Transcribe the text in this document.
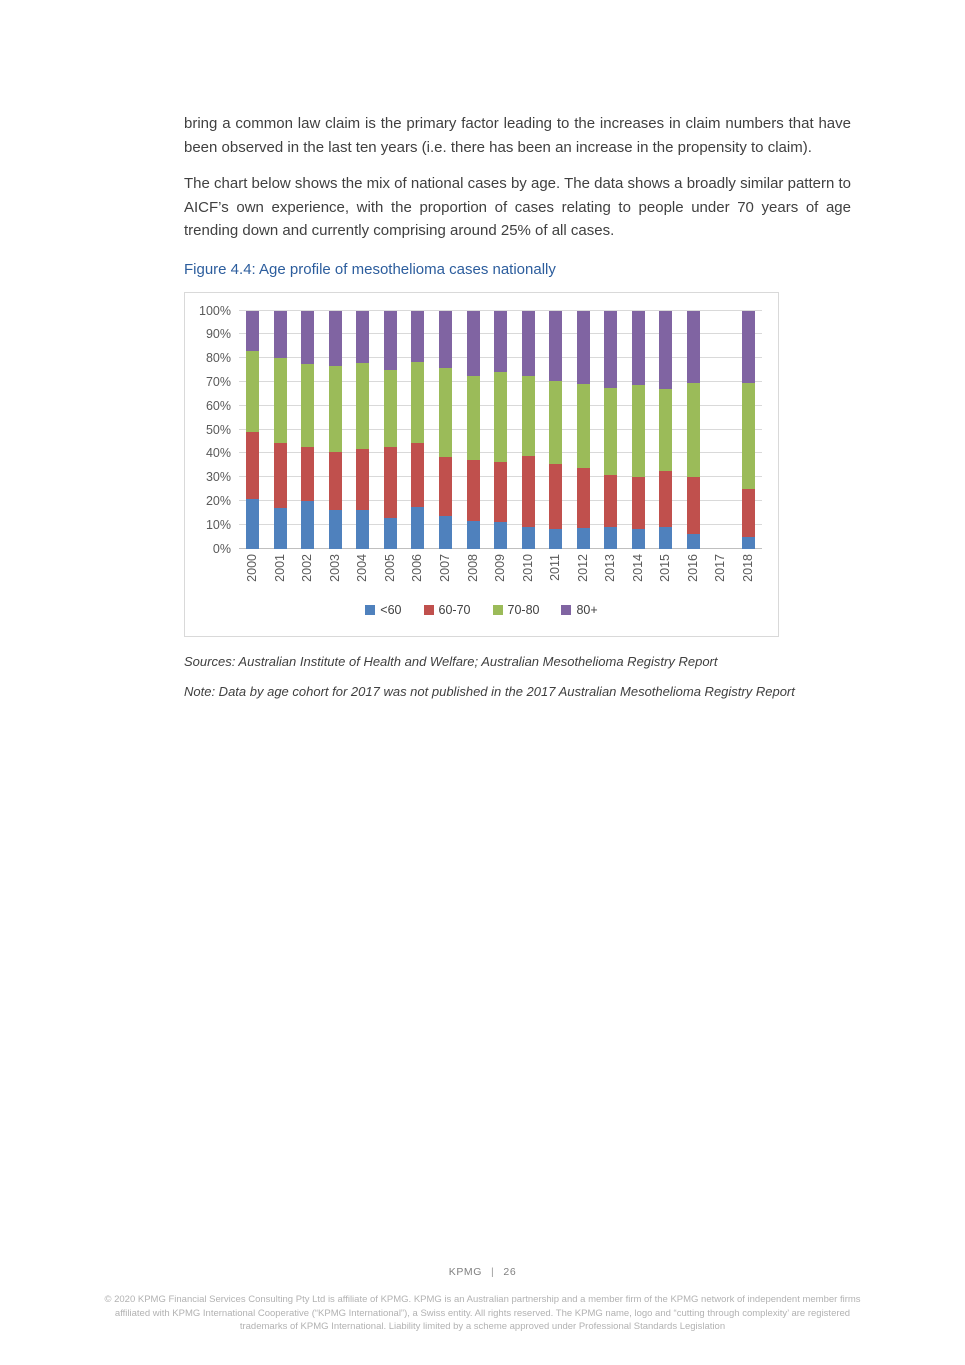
bring a common law claim is the primary factor leading to the increases in claim numbers that have been observed in the last ten years (i.e. there has been an increase in the propensity to claim).

The chart below shows the mix of national cases by age. The data shows a broadly similar pattern to AICF’s own experience, with the proportion of cases relating to people under 70 years of age trending down and currently comprising around 25% of all cases.

Figure 4.4: Age profile of mesothelioma cases nationally
0%
10%
20%
30%
40%
50%
60%
70%
80%
90%
100%
2000 2001 2002 2003 2004 2005 2006 2007 2008 2009 2010 2011 2012 2013 2014 2015 2016 2017 2018
<60	60-70	70-80	80+

Sources: Australian Institute of Health and Welfare; Australian Mesothelioma Registry Report

Note: Data by age cohort for 2017 was not published in the 2017 Australian Mesothelioma Registry Report

KPMG | 26
© 2020 KPMG Financial Services Consulting Pty Ltd is affiliate of KPMG. KPMG is an Australian partnership and a member firm of the KPMG network of independent member firms
affiliated with KPMG International Cooperative (“KPMG International”), a Swiss entity. All rights reserved. The KPMG name, logo and “cutting through complexity’ are registered
trademarks of KPMG International. Liability limited by a scheme approved under Professional Standards Legislation
